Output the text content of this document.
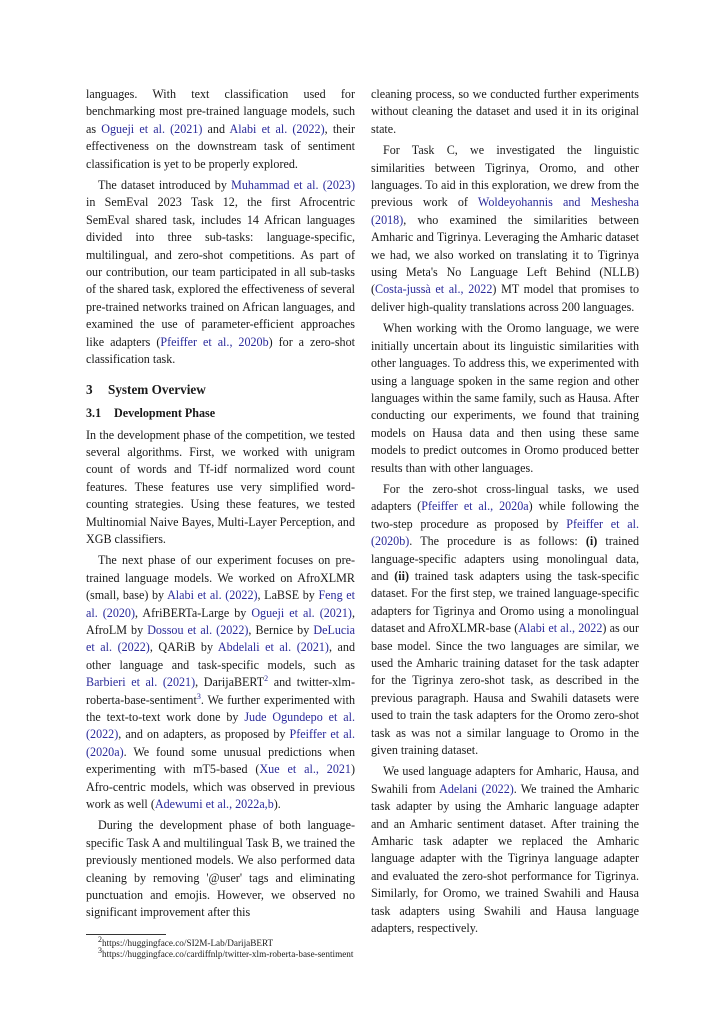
languages. With text classification used for benchmarking most pre-trained language models, such as Ogueji et al. (2021) and Alabi et al. (2022), their effectiveness on the downstream task of sentiment classification is yet to be properly explored.

The dataset introduced by Muhammad et al. (2023) in SemEval 2023 Task 12, the first Afrocentric SemEval shared task, includes 14 African languages divided into three sub-tasks: language-specific, multilingual, and zero-shot competitions. As part of our contribution, our team participated in all sub-tasks of the shared task, explored the effectiveness of several pre-trained networks trained on African languages, and examined the use of parameter-efficient approaches like adapters (Pfeiffer et al., 2020b) for a zero-shot classification task.

3 System Overview
3.1 Development Phase

In the development phase of the competition, we tested several algorithms. First, we worked with unigram count of words and Tf-idf normalized word count features. These features use very simplified word-counting strategies. Using these features, we tested Multinomial Naive Bayes, Multi-Layer Perception, and XGB classifiers.

The next phase of our experiment focuses on pre-trained language models. We worked on AfroXLMR (small, base) by Alabi et al. (2022), LaBSE by Feng et al. (2020), AfriBERTa-Large by Ogueji et al. (2021), AfroLM by Dossou et al. (2022), Bernice by DeLucia et al. (2022), QARiB by Abdelali et al. (2021), and other language and task-specific models, such as Barbieri et al. (2021), DarijaBERT$^2$ and twitter-xlm-roberta-base-sentiment$^3$. We further experimented with the text-to-text work done by Jude Ogundepo et al. (2022), and on adapters, as proposed by Pfeiffer et al. (2020a). We found some unusual predictions when experimenting with mT5-based (Xue et al., 2021) Afro-centric models, which was observed in previous work as well (Adewumi et al., 2022a,b).

During the development phase of both language-specific Task A and multilingual Task B, we trained the previously mentioned models. We also performed data cleaning by removing '@user' tags and eliminating punctuation and emojis. However, we observed no significant improvement after this

$^2$https://huggingface.co/SI2M-Lab/DarijaBERT

$^3$https://huggingface.co/cardiffnlp/twitter-xlm-roberta-base-sentiment

cleaning process, so we conducted further experiments without cleaning the dataset and used it in its original state.

For Task C, we investigated the linguistic similarities between Tigrinya, Oromo, and other languages. To aid in this exploration, we drew from the previous work of Woldeyohannis and Meshesha (2018), who examined the similarities between Amharic and Tigrinya. Leveraging the Amharic dataset we had, we also worked on translating it to Tigrinya using Meta's No Language Left Behind (NLLB) (Costa-jussà et al., 2022) MT model that promises to deliver high-quality translations across 200 languages.

When working with the Oromo language, we were initially uncertain about its linguistic similarities with other languages. To address this, we experimented with using a language spoken in the same region and other languages within the same family, such as Hausa. After conducting our experiments, we found that training models on Hausa data and then using these same models to predict outcomes in Oromo produced better results than with other languages.

For the zero-shot cross-lingual tasks, we used adapters (Pfeiffer et al., 2020a) while following the two-step procedure as proposed by Pfeiffer et al. (2020b). The procedure is as follows: (i) trained language-specific adapters using monolingual data, and (ii) trained task adapters using the task-specific dataset. For the first step, we trained language-specific adapters for Tigrinya and Oromo using a monolingual dataset and AfroXLMR-base (Alabi et al., 2022) as our base model. Since the two languages are similar, we used the Amharic training dataset for the task adapter for the Tigrinya zero-shot task, as described in the previous paragraph. Hausa and Swahili datasets were used to train the task adapters for the Oromo zero-shot task as was not a similar language to Oromo in the given training dataset.

We used language adapters for Amharic, Hausa, and Swahili from Adelani (2022). We trained the Amharic task adapter by using the Amharic language adapter and an Amharic sentiment dataset. After training the Amharic task adapter we replaced the Amharic language adapter with the Tigrinya language adapter and evaluated the zero-shot performance for Tigrinya. Similarly, for Oromo, we trained Swahili and Hausa task adapters using Swahili and Hausa language adapters, respectively.
